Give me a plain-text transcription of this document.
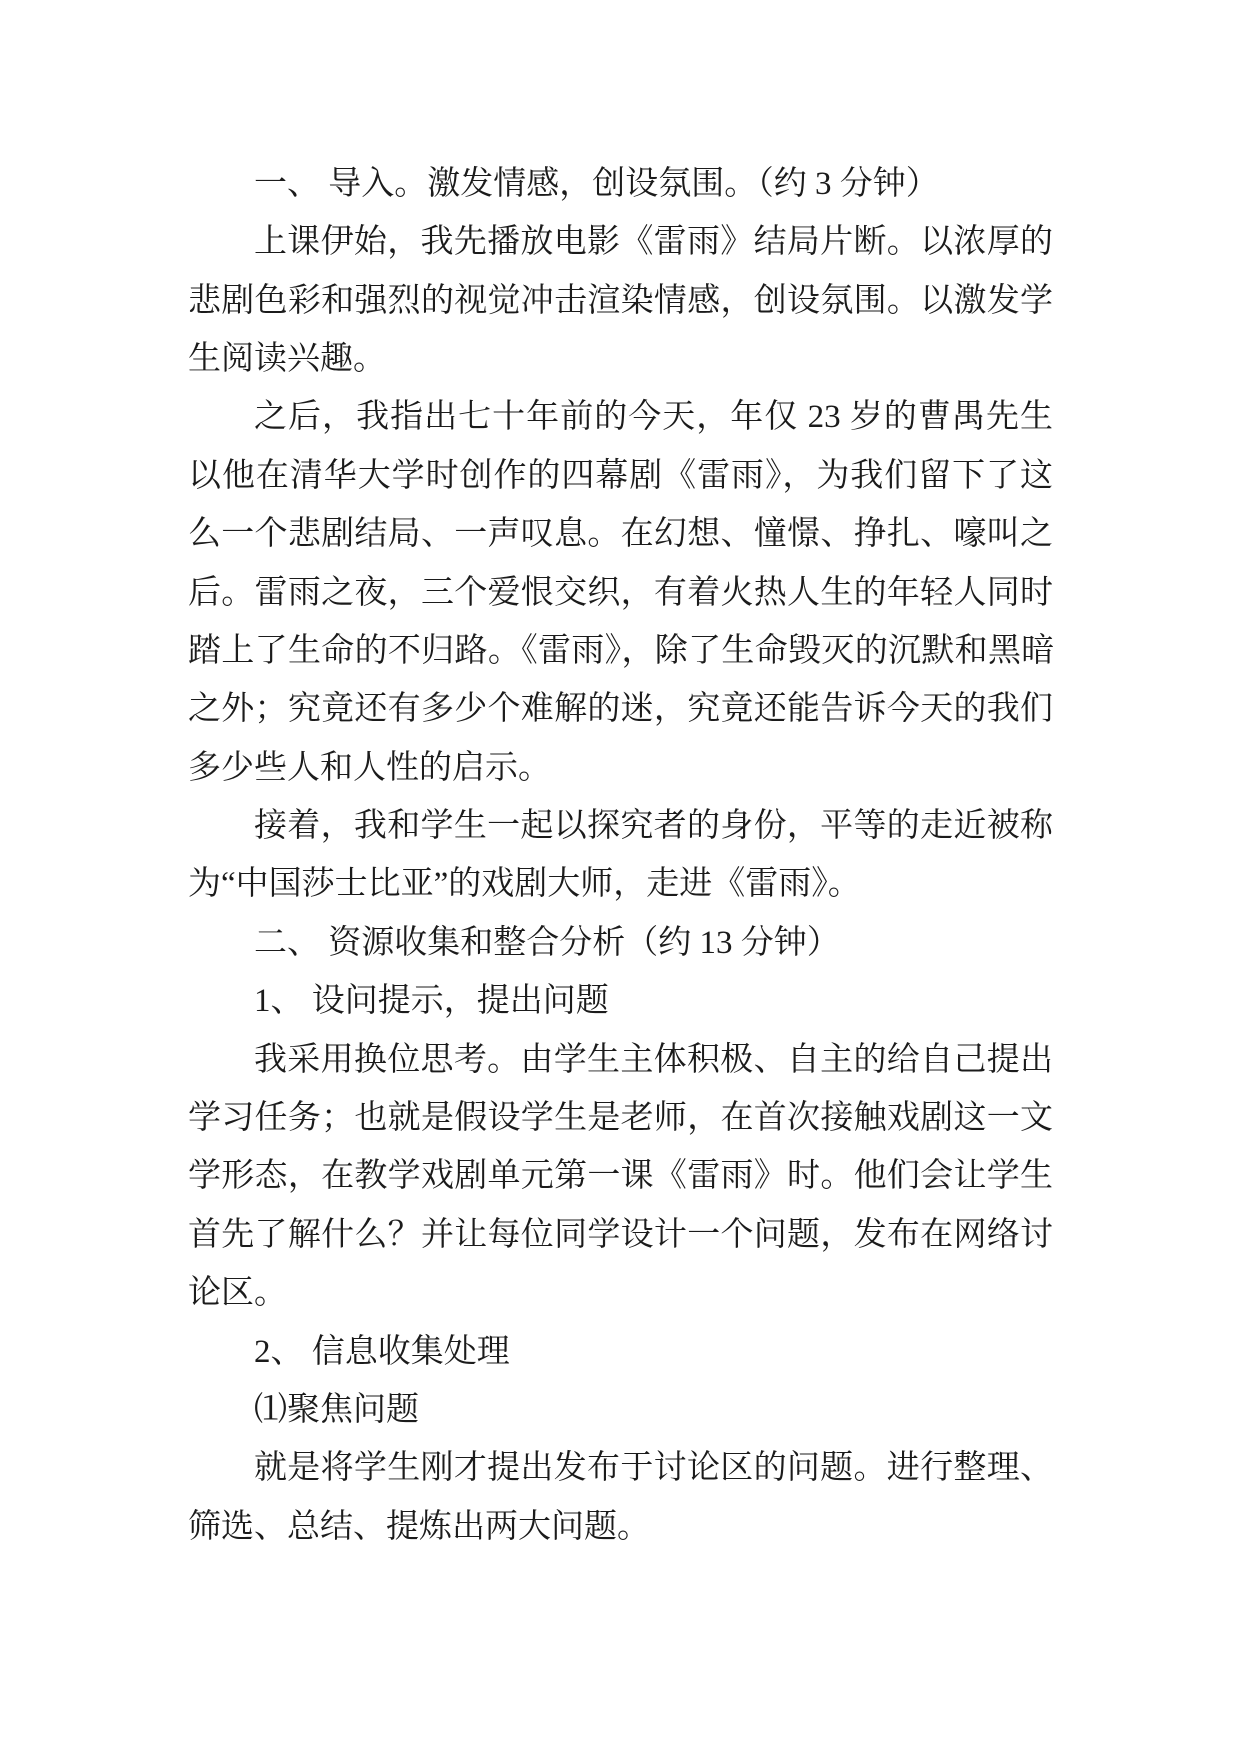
一、 导入。激发情感，创设氛围。（约 3 分钟）
上课伊始，我先播放电影《雷雨》结局片断。以浓厚的
悲剧色彩和强烈的视觉冲击渲染情感，创设氛围。以激发学
生阅读兴趣。
之后，我指出七十年前的今天，年仅 23 岁的曹禺先生
以他在清华大学时创作的四幕剧《雷雨》，为我们留下了这
么一个悲剧结局、一声叹息。在幻想、憧憬、挣扎、嚎叫之
后。雷雨之夜，三个爱恨交织，有着火热人生的年轻人同时
踏上了生命的不归路。《雷雨》，除了生命毁灭的沉默和黑暗
之外；究竟还有多少个难解的迷，究竟还能告诉今天的我们
多少些人和人性的启示。
接着，我和学生一起以探究者的身份，平等的走近被称
为“中国莎士比亚”的戏剧大师，走进《雷雨》。
二、 资源收集和整合分析（约 13 分钟）
1、 设问提示，提出问题
我采用换位思考。由学生主体积极、自主的给自己提出
学习任务；也就是假设学生是老师，在首次接触戏剧这一文
学形态，在教学戏剧单元第一课《雷雨》时。他们会让学生
首先了解什么？并让每位同学设计一个问题，发布在网络讨
论区。
2、 信息收集处理
⑴聚焦问题
就是将学生刚才提出发布于讨论区的问题。进行整理、
筛选、总结、提炼出两大问题。
